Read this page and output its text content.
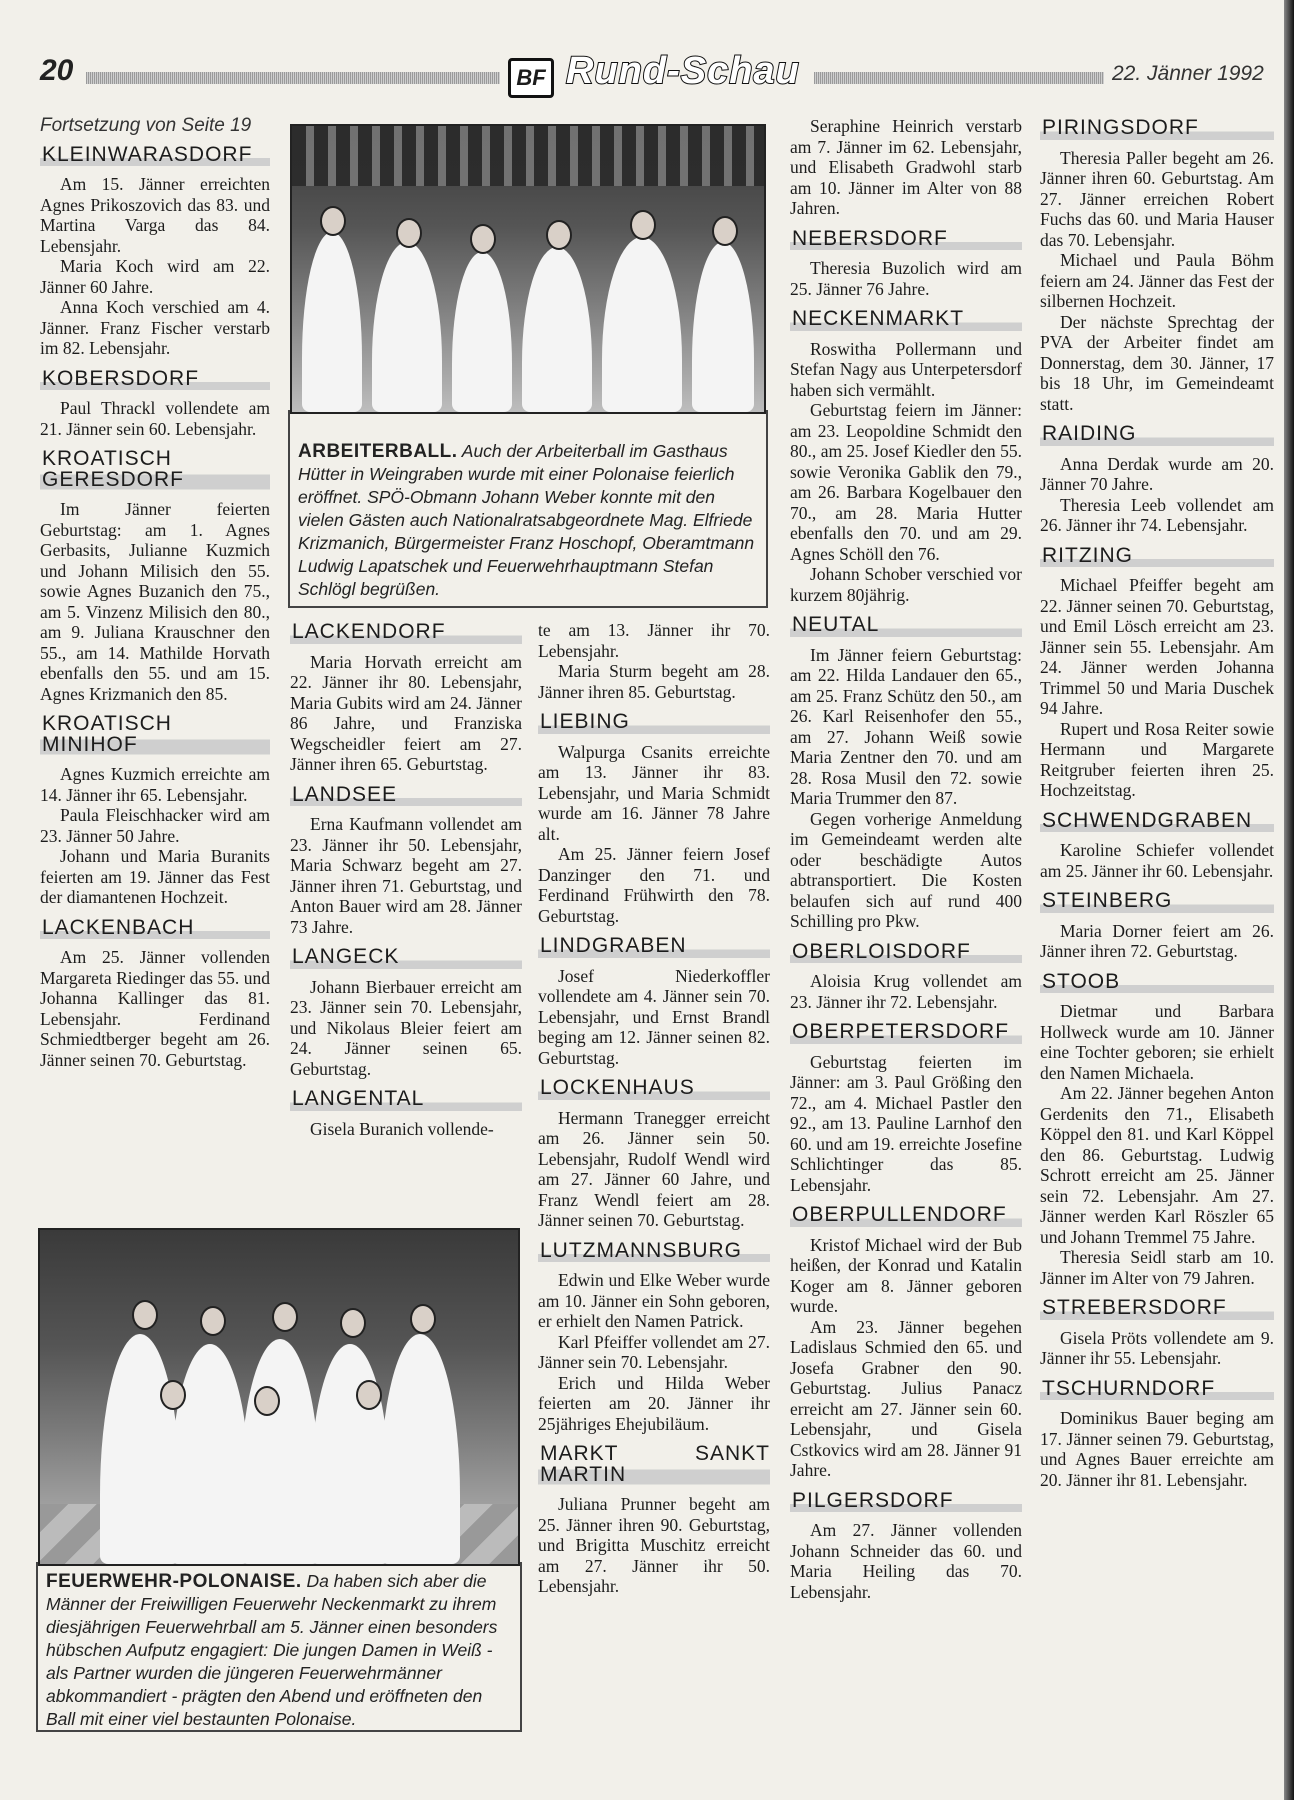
20	BF Rund-Schau	22. Jänner 1992
Fortsetzung von Seite 19
KLEINWARASDORF

Am 15. Jänner erreichten Agnes Prikoszovich das 83. und Martina Varga das 84. Lebensjahr.

Maria Koch wird am 22. Jänner 60 Jahre.

Anna Koch verschied am 4. Jänner. Franz Fischer verstarb im 82. Lebensjahr.

KOBERSDORF

Paul Thrackl vollendete am 21. Jänner sein 60. Lebensjahr.

KROATISCH GERESDORF

Im Jänner feierten Geburtstag: am 1. Agnes Gerbasits, Julianne Kuzmich und Johann Milisich den 55. sowie Agnes Buzanich den 75., am 5. Vinzenz Milisich den 80., am 9. Juliana Krauschner den 55., am 14. Mathilde Horvath ebenfalls den 55. und am 15. Agnes Krizmanich den 85.

KROATISCH MINIHOF

Agnes Kuzmich erreichte am 14. Jänner ihr 65. Lebensjahr.

Paula Fleischhacker wird am 23. Jänner 50 Jahre.

Johann und Maria Buranits feierten am 19. Jänner das Fest der diamantenen Hochzeit.

LACKENBACH

Am 25. Jänner vollenden Margareta Riedinger das 55. und Johanna Kallinger das 81. Lebensjahr. Ferdinand Schmiedtberger begeht am 26. Jänner seinen 70. Geburtstag.

ARBEITERBALL. Auch der Arbeiterball im Gasthaus Hütter in Weingraben wurde mit einer Polonaise feierlich eröffnet. SPÖ-Obmann Johann Weber konnte mit den vielen Gästen auch Nationalratsabgeordnete Mag. Elfriede Krizmanich, Bürgermeister Franz Hoschopf, Oberamtmann Ludwig Lapatschek und Feuerwehrhauptmann Stefan Schlögl begrüßen.
LACKENDORF

Maria Horvath erreicht am 22. Jänner ihr 80. Lebensjahr, Maria Gubits wird am 24. Jänner 86 Jahre, und Franziska Wegscheidler feiert am 27. Jänner ihren 65. Geburtstag.

LANDSEE

Erna Kaufmann vollendet am 23. Jänner ihr 50. Lebensjahr, Maria Schwarz begeht am 27. Jänner ihren 71. Geburtstag, und Anton Bauer wird am 28. Jänner 73 Jahre.

LANGECK

Johann Bierbauer erreicht am 23. Jänner sein 70. Lebensjahr, und Nikolaus Bleier feiert am 24. Jänner seinen 65. Geburtstag.

LANGENTAL

Gisela Buranich vollende-

te am 13. Jänner ihr 70. Lebensjahr.

Maria Sturm begeht am 28. Jänner ihren 85. Geburtstag.

LIEBING

Walpurga Csanits erreichte am 13. Jänner ihr 83. Lebensjahr, und Maria Schmidt wurde am 16. Jänner 78 Jahre alt.

Am 25. Jänner feiern Josef Danzinger den 71. und Ferdinand Frühwirth den 78. Geburtstag.

LINDGRABEN

Josef Niederkoffler vollendete am 4. Jänner sein 70. Lebensjahr, und Ernst Brandl beging am 12. Jänner seinen 82. Geburtstag.

LOCKENHAUS

Hermann Tranegger erreicht am 26. Jänner sein 50. Lebensjahr, Rudolf Wendl wird am 27. Jänner 60 Jahre, und Franz Wendl feiert am 28. Jänner seinen 70. Geburtstag.

LUTZMANNSBURG

Edwin und Elke Weber wurde am 10. Jänner ein Sohn geboren, er erhielt den Namen Patrick.

Karl Pfeiffer vollendet am 27. Jänner sein 70. Lebensjahr.

Erich und Hilda Weber feierten am 20. Jänner ihr 25jähriges Ehejubiläum.

MARKT SANKT MARTIN

Juliana Prunner begeht am 25. Jänner ihren 90. Geburtstag, und Brigitta Muschitz erreicht am 27. Jänner ihr 50. Lebensjahr.

FEUERWEHR-POLONAISE. Da haben sich aber die Männer der Freiwilligen Feuerwehr Neckenmarkt zu ihrem diesjährigen Feuerwehrball am 5. Jänner einen besonders hübschen Aufputz engagiert: Die jungen Damen in Weiß - als Partner wurden die jüngeren Feuerwehrmänner abkommandiert - prägten den Abend und eröffneten den Ball mit einer viel bestaunten Polonaise.

Seraphine Heinrich verstarb am 7. Jänner im 62. Lebensjahr, und Elisabeth Gradwohl starb am 10. Jänner im Alter von 88 Jahren.

NEBERSDORF

Theresia Buzolich wird am 25. Jänner 76 Jahre.

NECKENMARKT

Roswitha Pollermann und Stefan Nagy aus Unterpetersdorf haben sich vermählt.

Geburtstag feiern im Jänner: am 23. Leopoldine Schmidt den 80., am 25. Josef Kiedler den 55. sowie Veronika Gablik den 79., am 26. Barbara Kogelbauer den 70., am 28. Maria Hutter ebenfalls den 70. und am 29. Agnes Schöll den 76.

Johann Schober verschied vor kurzem 80jährig.

NEUTAL

Im Jänner feiern Geburtstag: am 22. Hilda Landauer den 65., am 25. Franz Schütz den 50., am 26. Karl Reisenhofer den 55., am 27. Johann Weiß sowie Maria Zentner den 70. und am 28. Rosa Musil den 72. sowie Maria Trummer den 87.

Gegen vorherige Anmeldung im Gemeindeamt werden alte oder beschädigte Autos abtransportiert. Die Kosten belaufen sich auf rund 400 Schilling pro Pkw.

OBERLOISDORF

Aloisia Krug vollendet am 23. Jänner ihr 72. Lebensjahr.

OBERPETERSDORF

Geburtstag feierten im Jänner: am 3. Paul Größing den 72., am 4. Michael Pastler den 92., am 13. Pauline Larnhof den 60. und am 19. erreichte Josefine Schlichtinger das 85. Lebensjahr.

OBERPULLENDORF

Kristof Michael wird der Bub heißen, der Konrad und Katalin Koger am 8. Jänner geboren wurde.

Am 23. Jänner begehen Ladislaus Schmied den 65. und Josefa Grabner den 90. Geburtstag. Julius Panacz erreicht am 27. Jänner sein 60. Lebensjahr, und Gisela Cstkovics wird am 28. Jänner 91 Jahre.

PILGERSDORF

Am 27. Jänner vollenden Johann Schneider das 60. und Maria Heiling das 70. Lebensjahr.

PIRINGSDORF

Theresia Paller begeht am 26. Jänner ihren 60. Geburtstag. Am 27. Jänner erreichen Robert Fuchs das 60. und Maria Hauser das 70. Lebensjahr.

Michael und Paula Böhm feiern am 24. Jänner das Fest der silbernen Hochzeit.

Der nächste Sprechtag der PVA der Arbeiter findet am Donnerstag, dem 30. Jänner, 17 bis 18 Uhr, im Gemeindeamt statt.

RAIDING

Anna Derdak wurde am 20. Jänner 70 Jahre.

Theresia Leeb vollendet am 26. Jänner ihr 74. Lebensjahr.

RITZING

Michael Pfeiffer begeht am 22. Jänner seinen 70. Geburtstag, und Emil Lösch erreicht am 23. Jänner sein 55. Lebensjahr. Am 24. Jänner werden Johanna Trimmel 50 und Maria Duschek 94 Jahre.

Rupert und Rosa Reiter sowie Hermann und Margarete Reitgruber feierten ihren 25. Hochzeitstag.

SCHWENDGRABEN

Karoline Schiefer vollendet am 25. Jänner ihr 60. Lebensjahr.

STEINBERG

Maria Dorner feiert am 26. Jänner ihren 72. Geburtstag.

STOOB

Dietmar und Barbara Hollweck wurde am 10. Jänner eine Tochter geboren; sie erhielt den Namen Michaela.

Am 22. Jänner begehen Anton Gerdenits den 71., Elisabeth Köppel den 81. und Karl Köppel den 86. Geburtstag. Ludwig Schrott erreicht am 25. Jänner sein 72. Lebensjahr. Am 27. Jänner werden Karl Röszler 65 und Johann Tremmel 75 Jahre.

Theresia Seidl starb am 10. Jänner im Alter von 79 Jahren.

STREBERSDORF

Gisela Pröts vollendete am 9. Jänner ihr 55. Lebensjahr.

TSCHURNDORF

Dominikus Bauer beging am 17. Jänner seinen 79. Geburtstag, und Agnes Bauer erreichte am 20. Jänner ihr 81. Lebensjahr.
